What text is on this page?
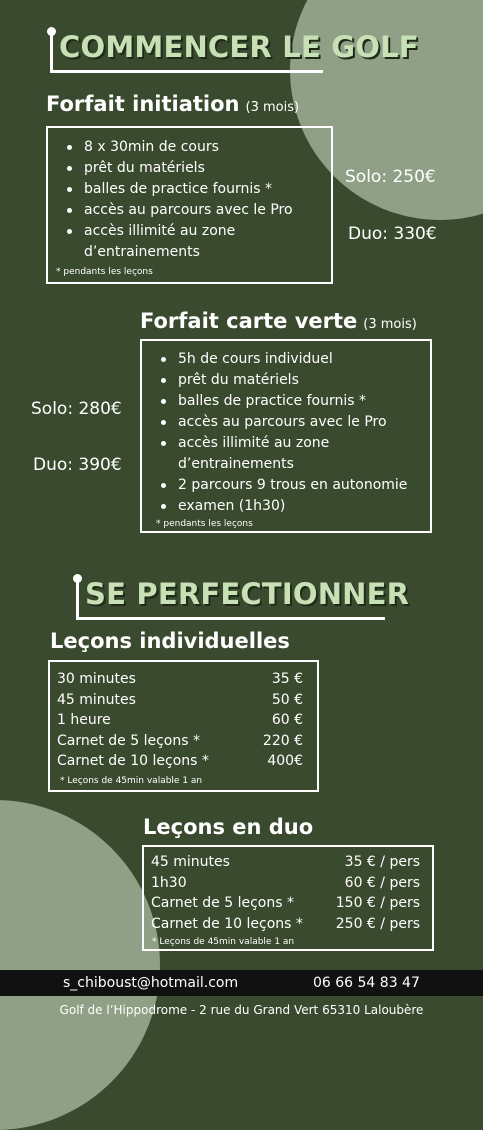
COMMENCER LE GOLF
Forfait initiation (3 mois)
8 x 30min de cours
prêt du matériels
balles de practice fournis *
accès au parcours avec le Pro
accès illimité au zone d’entrainements
* pendants les leçons
Solo: 250€
Duo: 330€
Forfait carte verte (3 mois)
5h de cours individuel
prêt du matériels
balles de practice fournis *
accès au parcours avec le Pro
accès illimité au zone d’entrainements
2 parcours 9 trous en autonomie
examen (1h30)
* pendants les leçons
Solo: 280€
Duo: 390€
SE PERFECTIONNER
Leçons individuelles
30 minutes	35 €
45 minutes	50 €
1 heure	60 €
Carnet de 5 leçons *	220 €
Carnet de 10 leçons *	400€
* Leçons de 45min valable 1 an
Leçons en duo
45 minutes	35 € / pers
1h30	60 € / pers
Carnet de 5 leçons *	150 € / pers
Carnet de 10 leçons * 250 € / pers
* Leçons de 45min valable 1 an
s_chiboust@hotmail.com	06 66 54 83 47
Golf de l’Hippodrome - 2 rue du Grand Vert 65310 Laloubère
